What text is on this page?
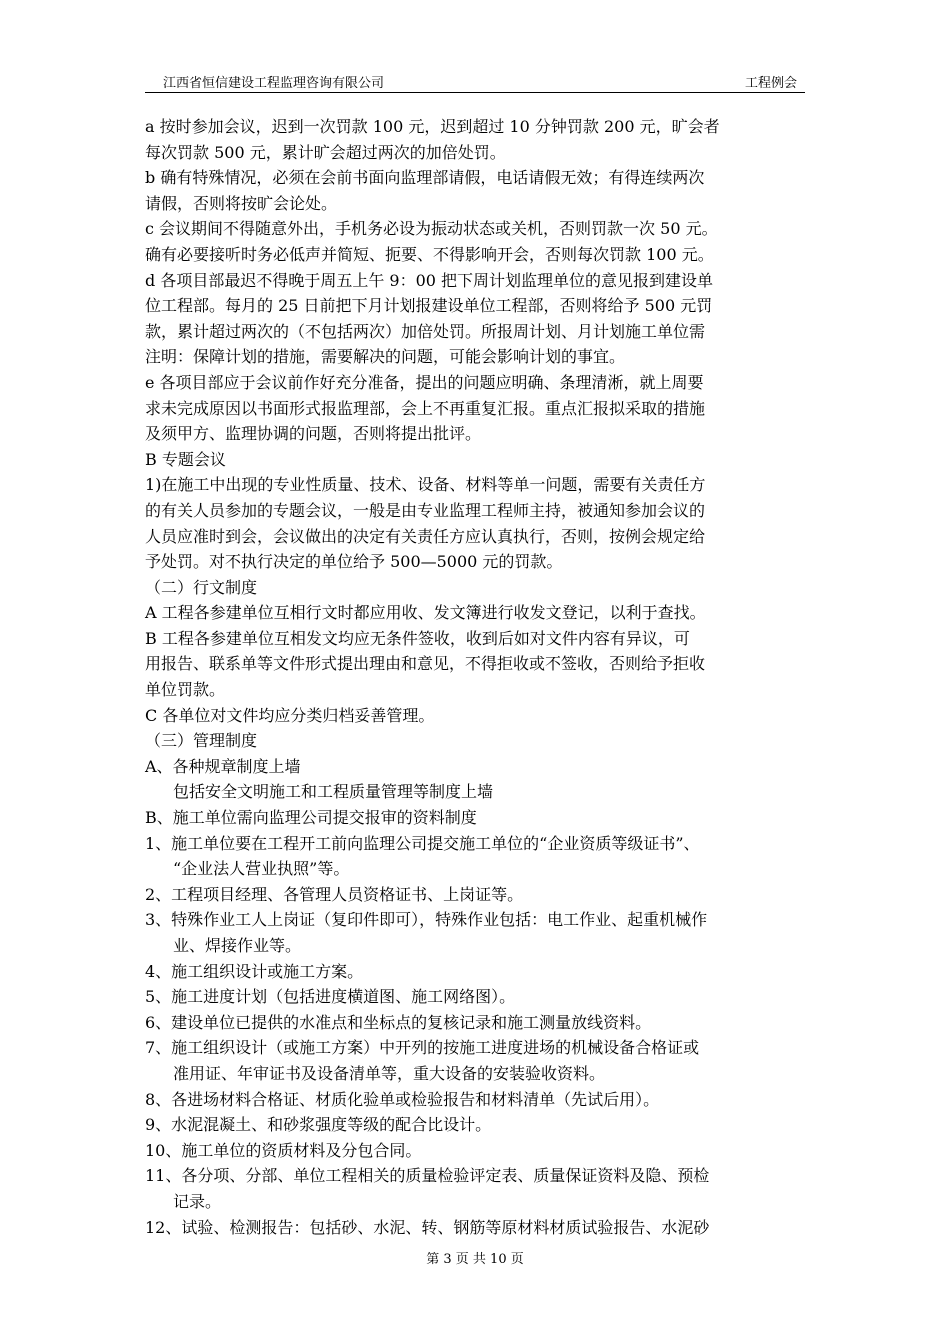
江西省恒信建设工程监理咨询有限公司	工程例会

a 按时参加会议，迟到一次罚款 100 元，迟到超过 10 分钟罚款 200 元，旷会者

每次罚款 500 元，累计旷会超过两次的加倍处罚。

b 确有特殊情况，必须在会前书面向监理部请假，电话请假无效；有得连续两次

请假，否则将按旷会论处。

c 会议期间不得随意外出，手机务必设为振动状态或关机，否则罚款一次 50 元。

确有必要接听时务必低声并简短、扼要、不得影响开会，否则每次罚款 100 元。

d 各项目部最迟不得晚于周五上午 9：00 把下周计划监理单位的意见报到建设单

位工程部。每月的 25 日前把下月计划报建设单位工程部，否则将给予 500 元罚

款，累计超过两次的（不包括两次）加倍处罚。所报周计划、月计划施工单位需

注明：保障计划的措施，需要解决的问题，可能会影响计划的事宜。

e 各项目部应于会议前作好充分准备，提出的问题应明确、条理清淅，就上周要

求未完成原因以书面形式报监理部，会上不再重复汇报。重点汇报拟采取的措施

及须甲方、监理协调的问题，否则将提出批评。

B 专题会议

1)在施工中出现的专业性质量、技术、设备、材料等单一问题，需要有关责任方

的有关人员参加的专题会议，一般是由专业监理工程师主持，被通知参加会议的

人员应准时到会，会议做出的决定有关责任方应认真执行，否则，按例会规定给

予处罚。对不执行决定的单位给予 500—5000 元的罚款。

（二）行文制度

A 工程各参建单位互相行文时都应用收、发文簿进行收发文登记，以利于查找。

B 工程各参建单位互相发文均应无条件签收，收到后如对文件内容有异议，可

用报告、联系单等文件形式提出理由和意见，不得拒收或不签收，否则给予拒收

单位罚款。

C 各单位对文件均应分类归档妥善管理。

（三）管理制度

A、各种规章制度上墙

包括安全文明施工和工程质量管理等制度上墙

B、施工单位需向监理公司提交报审的资料制度

1、施工单位要在工程开工前向监理公司提交施工单位的“企业资质等级证书”、

“企业法人营业执照”等。

2、工程项目经理、各管理人员资格证书、上岗证等。

3、特殊作业工人上岗证（复印件即可），特殊作业包括：电工作业、起重机械作

业、焊接作业等。

4、施工组织设计或施工方案。

5、施工进度计划（包括进度横道图、施工网络图）。

6、建设单位已提供的水准点和坐标点的复核记录和施工测量放线资料。

7、施工组织设计（或施工方案）中开列的按施工进度进场的机械设备合格证或

准用证、年审证书及设备清单等，重大设备的安装验收资料。

8、各进场材料合格证、材质化验单或检验报告和材料清单（先试后用）。

9、水泥混凝土、和砂浆强度等级的配合比设计。

10、施工单位的资质材料及分包合同。

11、各分项、分部、单位工程相关的质量检验评定表、质量保证资料及隐、预检

记录。

12、试验、检测报告：包括砂、水泥、转、钢筋等原材料材质试验报告、水泥砂

第 3 页 共 10 页
